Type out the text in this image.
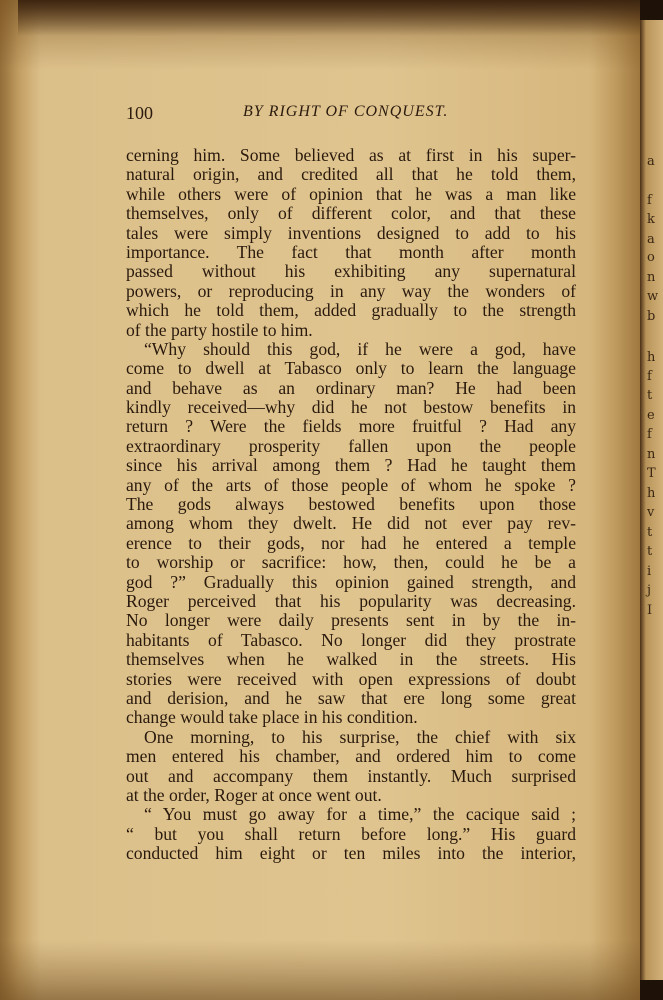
100	BY RIGHT OF CONQUEST.
cerning him. Some believed as at first in his super-
natural origin, and credited all that he told them,
while others were of opinion that he was a man like
themselves, only of different color, and that these
tales were simply inventions designed to add to his
importance. The fact that month after month
passed without his exhibiting any supernatural
powers, or reproducing in any way the wonders of
which he told them, added gradually to the strength
of the party hostile to him.
“Why should this god, if he were a god, have
come to dwell at Tabasco only to learn the language
and behave as an ordinary man? He had been
kindly received—why did he not bestow benefits in
return ? Were the fields more fruitful ? Had any
extraordinary prosperity fallen upon the people
since his arrival among them ? Had he taught them
any of the arts of those people of whom he spoke ?
The gods always bestowed benefits upon those
among whom they dwelt. He did not ever pay rev-
erence to their gods, nor had he entered a temple
to worship or sacrifice: how, then, could he be a
god ?” Gradually this opinion gained strength, and
Roger perceived that his popularity was decreasing.
No longer were daily presents sent in by the in-
habitants of Tabasco. No longer did they prostrate
themselves when he walked in the streets. His
stories were received with open expressions of doubt
and derision, and he saw that ere long some great
change would take place in his condition.
One morning, to his surprise, the chief with six
men entered his chamber, and ordered him to come
out and accompany them instantly. Much surprised
at the order, Roger at once went out.
“ You must go away for a time,” the cacique said ;
“ but you shall return before long.” His guard
conducted him eight or ten miles into the interior,
a
f
k
a
o
n
w
b
h
f
t
e
f
n
T
h
v
t
t
i
j
I
